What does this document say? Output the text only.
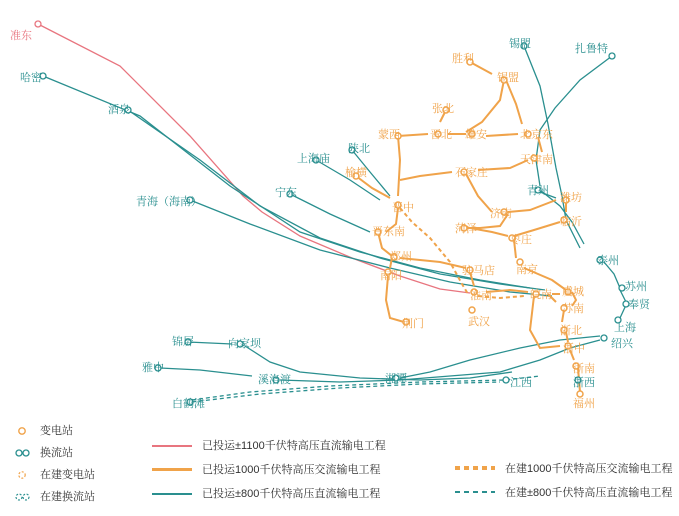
准东
哈密
酒泉
青海（海南）
宁东
上海庙
榆横
陕北
蒙西	晋北 雄安
张北
胜利
锡盟
锡盟	扎鲁特
北京东
天津南
石家庄
青州
潍坊
临沂
济南
晋中
晋东南	菏泽
枣庄
郑州
驻马店 南京
南阳
淮南	皖南 虞城
泰州
苏州
苏南	奉贤
上海
浙北
绍兴
浙中
浙南
浙西
福州
江西
武汉
荆门
湘潭
溪洛渡
白鹤滩
向家坝
锦屏
雅中
变电站
换流站
在建变电站
在建换流站
已投运±1100千伏特高压直流输电工程
已投运1000千伏特高压交流输电工程
已投运±800千伏特高压直流输电工程
在建1000千伏特高压交流输电工程
在建±800千伏特高压直流输电工程
